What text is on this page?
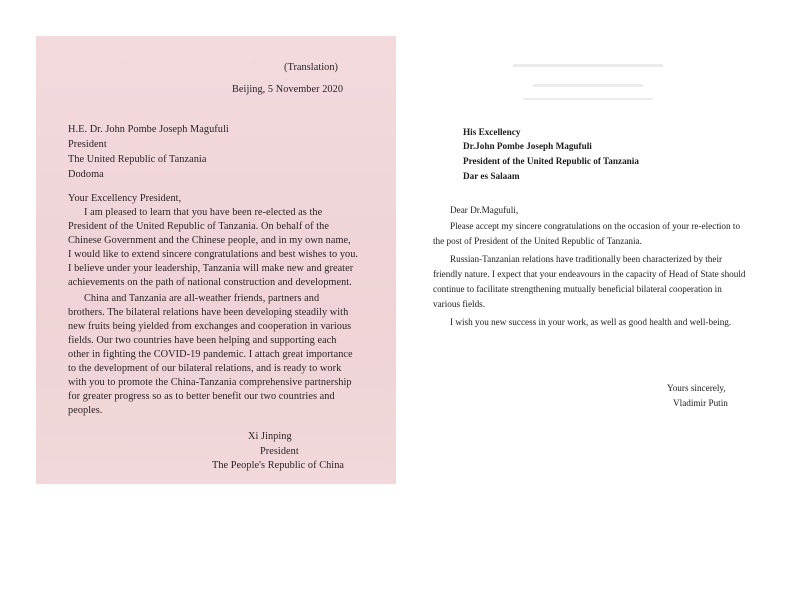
(Translation)

Beijing, 5 November 2020

H.E. Dr. John Pombe Joseph Magufuli

President

The United Republic of Tanzania

Dodoma

Your Excellency President,

I am pleased to learn that you have been re-elected as the

President of the United Republic of Tanzania. On behalf of the

Chinese Government and the Chinese people, and in my own name,

I would like to extend sincere congratulations and best wishes to you.

I believe under your leadership, Tanzania will make new and greater

achievements on the path of national construction and development.

China and Tanzania are all-weather friends, partners and

brothers. The bilateral relations have been developing steadily with

new fruits being yielded from exchanges and cooperation in various

fields. Our two countries have been helping and supporting each

other in fighting the COVID-19 pandemic. I attach great importance

to the development of our bilateral relations, and is ready to work

with you to promote the China-Tanzania comprehensive partnership

for greater progress so as to better benefit our two countries and

peoples.

Xi Jinping

President

The People's Republic of China

His Excellency

Dr.John Pombe Joseph Magufuli

President of the United Republic of Tanzania

Dar es Salaam

Dear Dr.Magufuli,

Please accept my sincere congratulations on the occasion of your re-election to

the post of President of the United Republic of Tanzania.

Russian-Tanzanian relations have traditionally been characterized by their

friendly nature. I expect that your endeavours in the capacity of Head of State should

continue to facilitate strengthening mutually beneficial bilateral cooperation in

various fields.

I wish you new success in your work, as well as good health and well-being.

Yours sincerely,

Vladimir Putin
